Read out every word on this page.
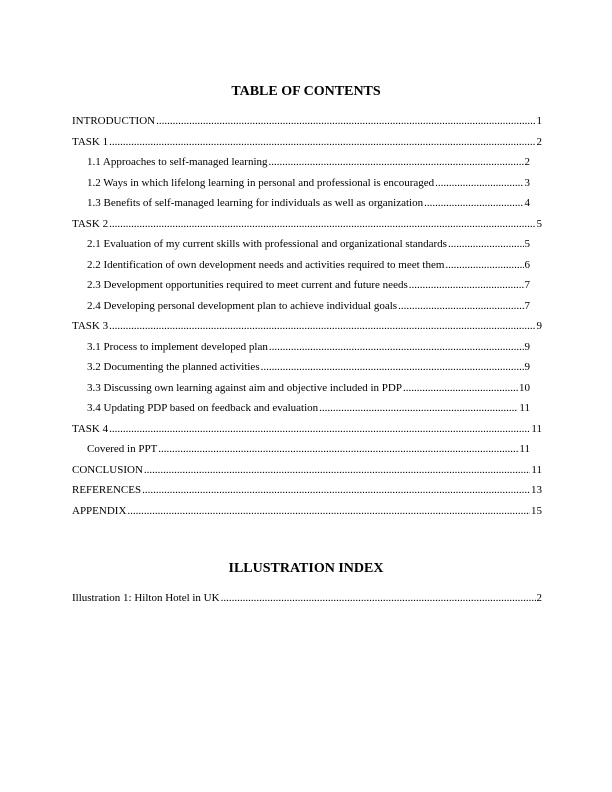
TABLE OF CONTENTS
INTRODUCTION .....	1
TASK 1 .....	2
1.1 Approaches to self-managed learning .....	2
1.2 Ways in which lifelong learning in personal and professional is encouraged .....	3
1.3 Benefits of self-managed learning for individuals as well as organization .....	4
TASK 2 .....	5
2.1 Evaluation of my current skills with professional and organizational standards .....	5
2.2 Identification of own development needs and activities required to meet them .....	6
2.3 Development opportunities required to meet current and future needs .....	7
2.4 Developing personal development plan to achieve individual goals .....	7
TASK 3 .....	9
3.1 Process to implement developed plan .....	9
3.2 Documenting the planned activities .....	9
3.3 Discussing own learning against aim and objective included in PDP .....	10
3.4 Updating PDP based on feedback and evaluation .....	11
TASK 4 .....	11
Covered in PPT .....	11
CONCLUSION .....	11
REFERENCES .....	13
APPENDIX .....	15
ILLUSTRATION INDEX
Illustration 1: Hilton Hotel in UK .....	2
